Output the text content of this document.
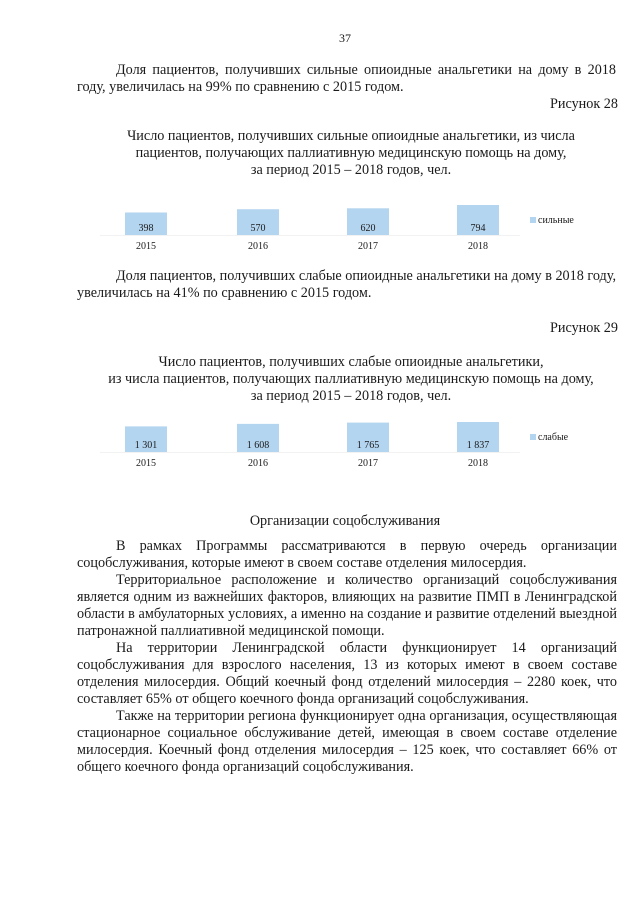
37
Доля пациентов, получивших сильные опиоидные анальгетики на дому в 2018 году, увеличилась на 99% по сравнению с 2015 годом.
Рисунок 28
Число пациентов, получивших сильные опиоидные анальгетики, из числа
пациентов, получающих паллиативную медицинскую помощь на дому,
за период 2015 – 2018 годов, чел.
398
2015
570
2016
620
2017
794
2018
сильные
Доля пациентов, получивших слабые опиоидные анальгетики на дому в 2018 году, увеличилась на 41% по сравнению с 2015 годом.
Рисунок 29
Число пациентов, получивших слабые опиоидные анальгетики,
из числа пациентов, получающих паллиативную медицинскую помощь на дому,
за период 2015 – 2018 годов, чел.
1 301
2015
1 608
2016
1 765
2017
1 837
2018
слабые
Организации соцобслуживания

В рамках Программы рассматриваются в первую очередь организации соцобслуживания, которые имеют в своем составе отделения милосердия.

Территориальное расположение и количество организаций соцобслуживания является одним из важнейших факторов, влияющих на развитие ПМП в Ленинградской области в амбулаторных условиях, а именно на создание и развитие отделений выездной патронажной паллиативной медицинской помощи.

На территории Ленинградской области функционирует 14 организаций соцобслуживания для взрослого населения, 13 из которых имеют в своем составе отделения милосердия. Общий коечный фонд отделений милосердия – 2280 коек, что составляет 65% от общего коечного фонда организаций соцобслуживания.

Также на территории региона функционирует одна организация, осуществляющая стационарное социальное обслуживание детей, имеющая в своем составе отделение милосердия. Коечный фонд отделения милосердия – 125 коек, что составляет 66% от общего коечного фонда организаций соцобслуживания.
